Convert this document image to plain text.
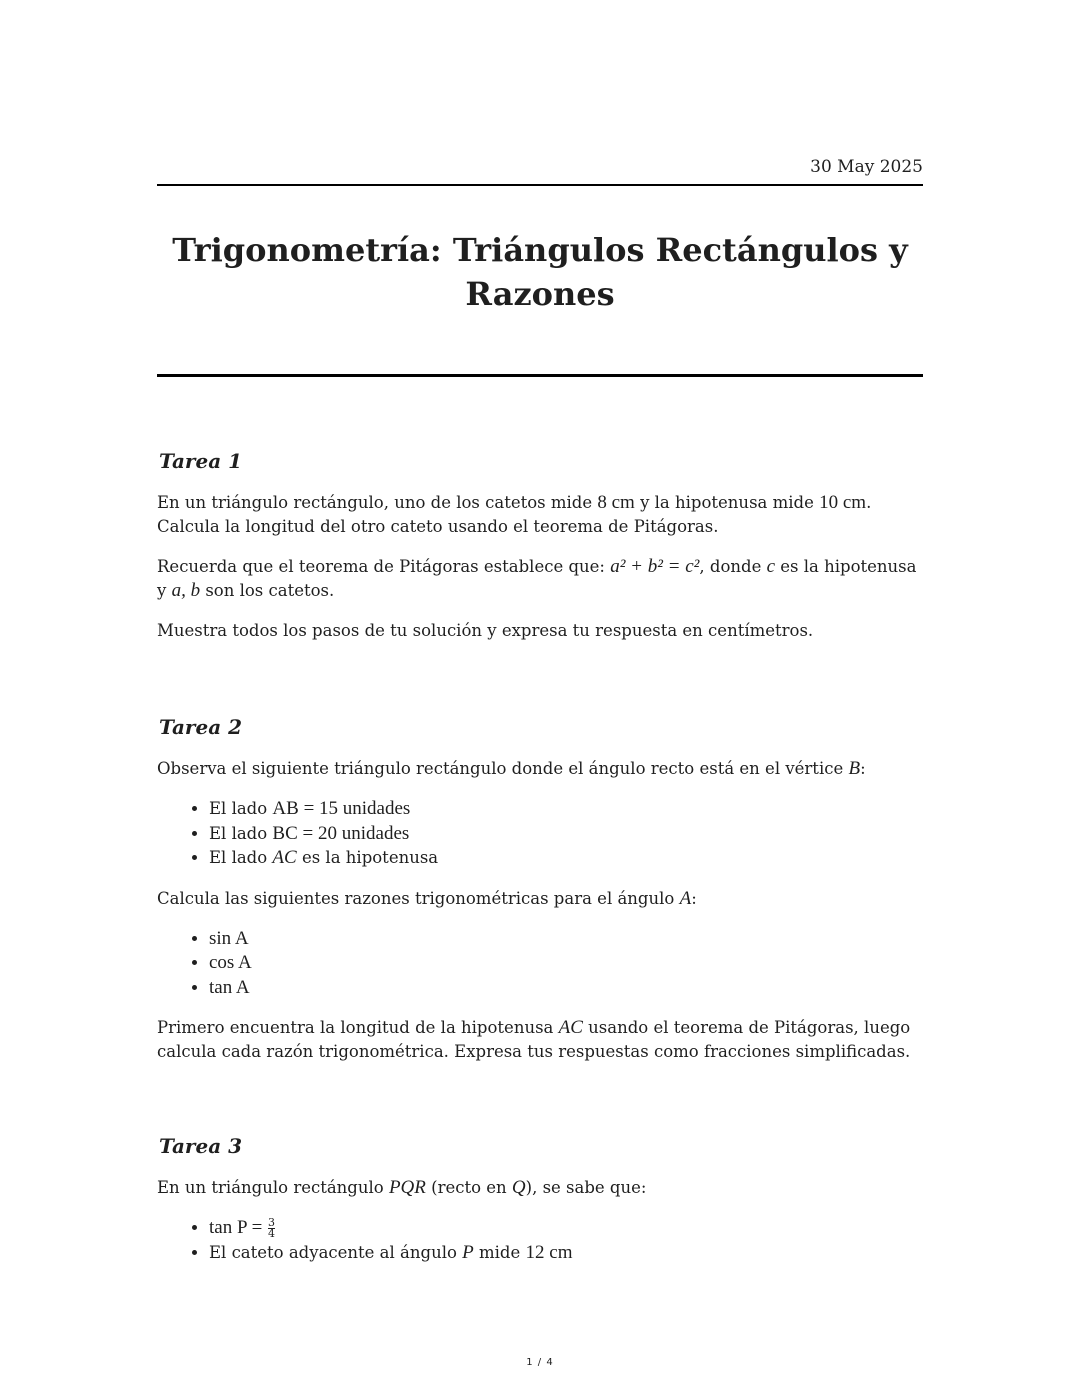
30 May 2025
Trigonometría: Triángulos Rectángulos y
Razones
Tarea 1

En un triángulo rectángulo, uno de los catetos mide 8 cm y la hipotenusa mide 10 cm.
Calcula la longitud del otro cateto usando el teorema de Pitágoras.

Recuerda que el teorema de Pitágoras establece que: a² + b² = c², donde c es la hipotenusa y a, b son los catetos.

Muestra todos los pasos de tu solución y expresa tu respuesta en centímetros.

Tarea 2

Observa el siguiente triángulo rectángulo donde el ángulo recto está en el vértice B:

• El lado AB = 15 unidades
• El lado BC = 20 unidades
• El lado AC es la hipotenusa

Calcula las siguientes razones trigonométricas para el ángulo A:

• sin A
• cos A
• tan A

Primero encuentra la longitud de la hipotenusa AC usando el teorema de Pitágoras, luego calcula cada razón trigonométrica. Expresa tus respuestas como fracciones simplificadas.

Tarea 3

En un triángulo rectángulo PQR (recto en Q), se sabe que:

• $\tan P = \frac{3}{4}$
• El cateto adyacente al ángulo P mide 12 cm
1 / 4
